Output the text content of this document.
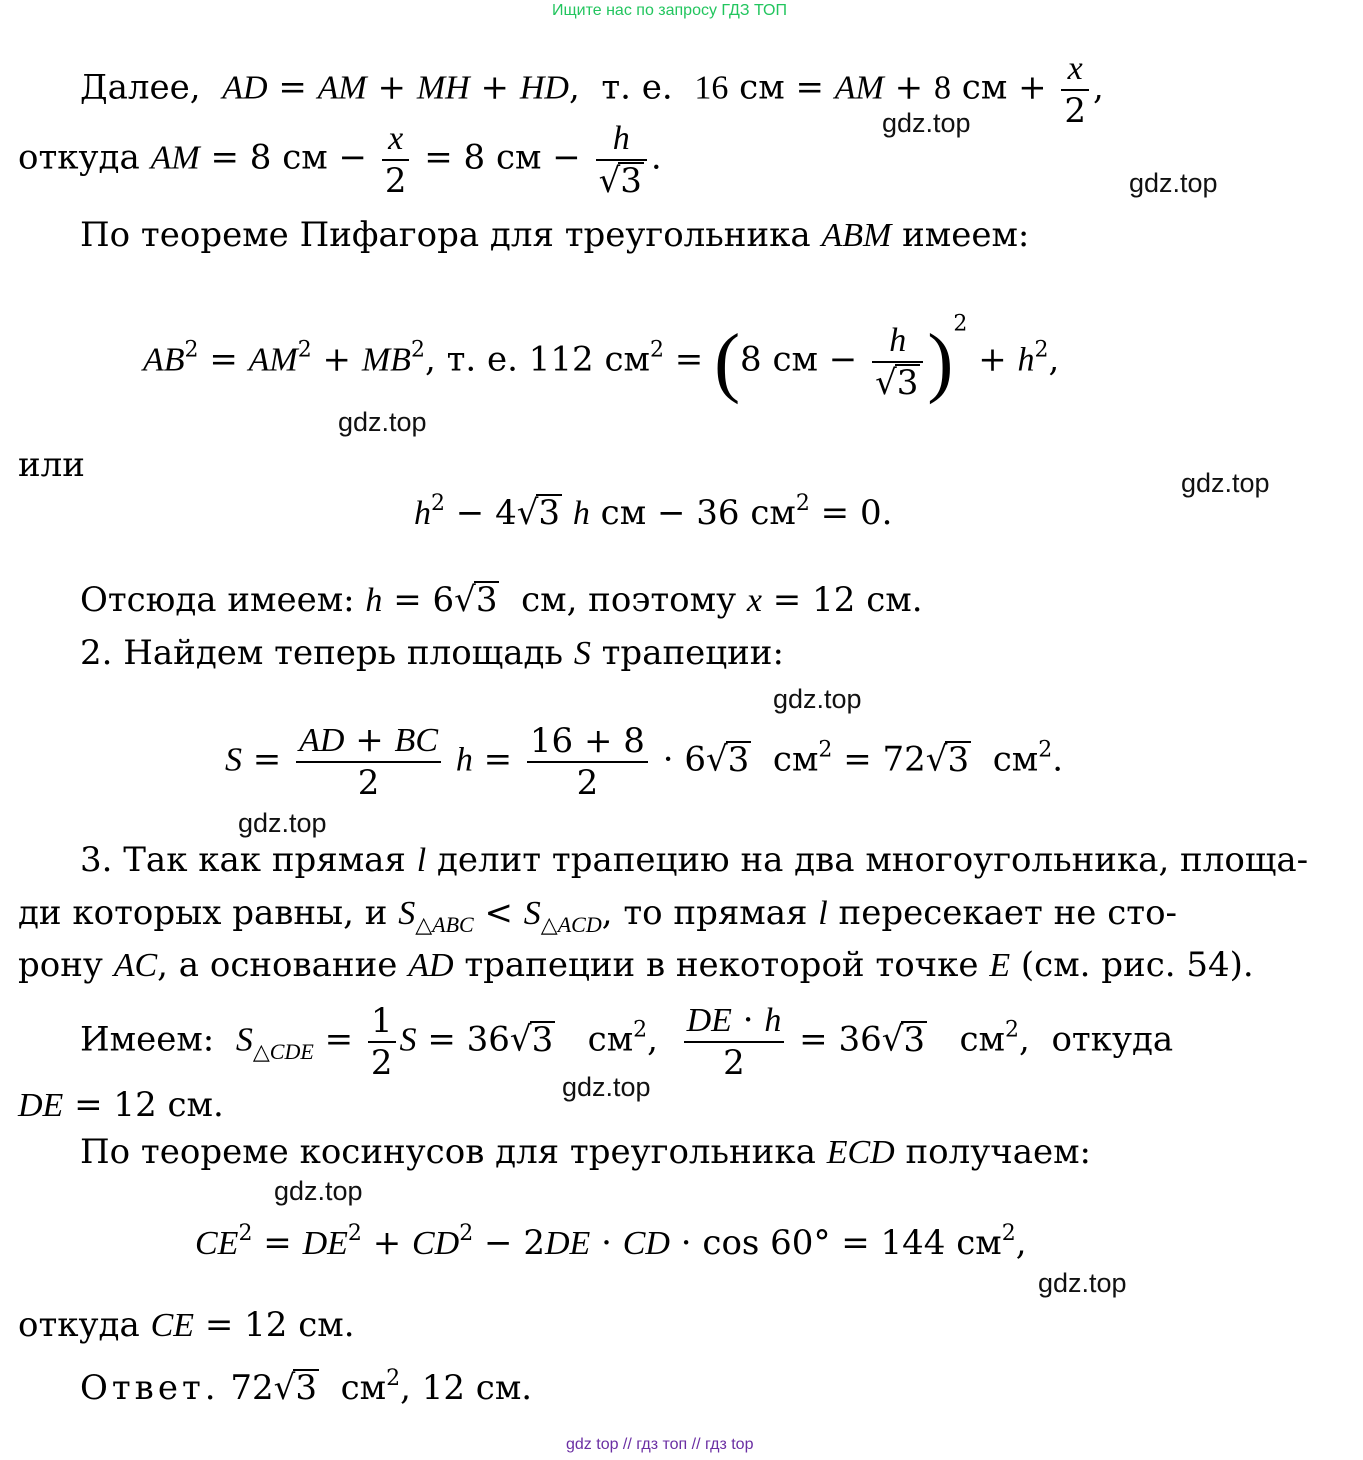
Ищите нас по запросу ГДЗ ТОП
Далее, AD = AM + MH + HD,  т. е. 16 см = AM + 8 см + $\frac{x}{2}$ ,
откуда AM = 8 см − $\frac{x}{2} = 8$ см − $\frac{h}{√3}$ .
По теореме Пифагора для треугольника ABM имеем:
$AB^2 = AM^2 + MB^2$, т. е. 112 $см^2 = (8$ см − $\frac{h}{√3} )^2 + h^2$,
или
$h^2 - 4√3$ h см − 36 $см^2 = 0$.
Отсюда имеем: h = 6√3 см, поэтому x = 12 см.
2. Найдем теперь площадь S трапеции:
$S = \frac{AD + BC}{2}$ $h = \frac{16 + 8}{2} \cdot 6√3$ $см^2 = 72√3$ $см^2$.
3. Так как прямая l делит трапецию на два многоугольника, площа-
ди которых равны, и $S_{\triangle ABC} < S_{\triangle ACD}$, то прямая l пересекает не сто-
рону AC, а основание AD трапеции в некоторой точке E (см. рис. 54).
Имеем: $S_{\triangle CDE} = \frac{1}{2}$ S = 36√3 $см^2$, $\frac{DE \cdot h}{2} = 36√3$ $см^2$,  откуда
DE = 12 см.
По теореме косинусов для треугольника ECD получаем:
$CE^2 = DE^2 + CD^2 - 2DE$ · CD · cos 60° = 144 $см^2$,
откуда CE = 12 см.
Ответ. 72√3 $см^2$, 12 см.
gdz.top
gdz.top
gdz.top
gdz.top
gdz.top
gdz.top
gdz.top
gdz.top
gdz.top
gdz top // гдз топ // гдз top
